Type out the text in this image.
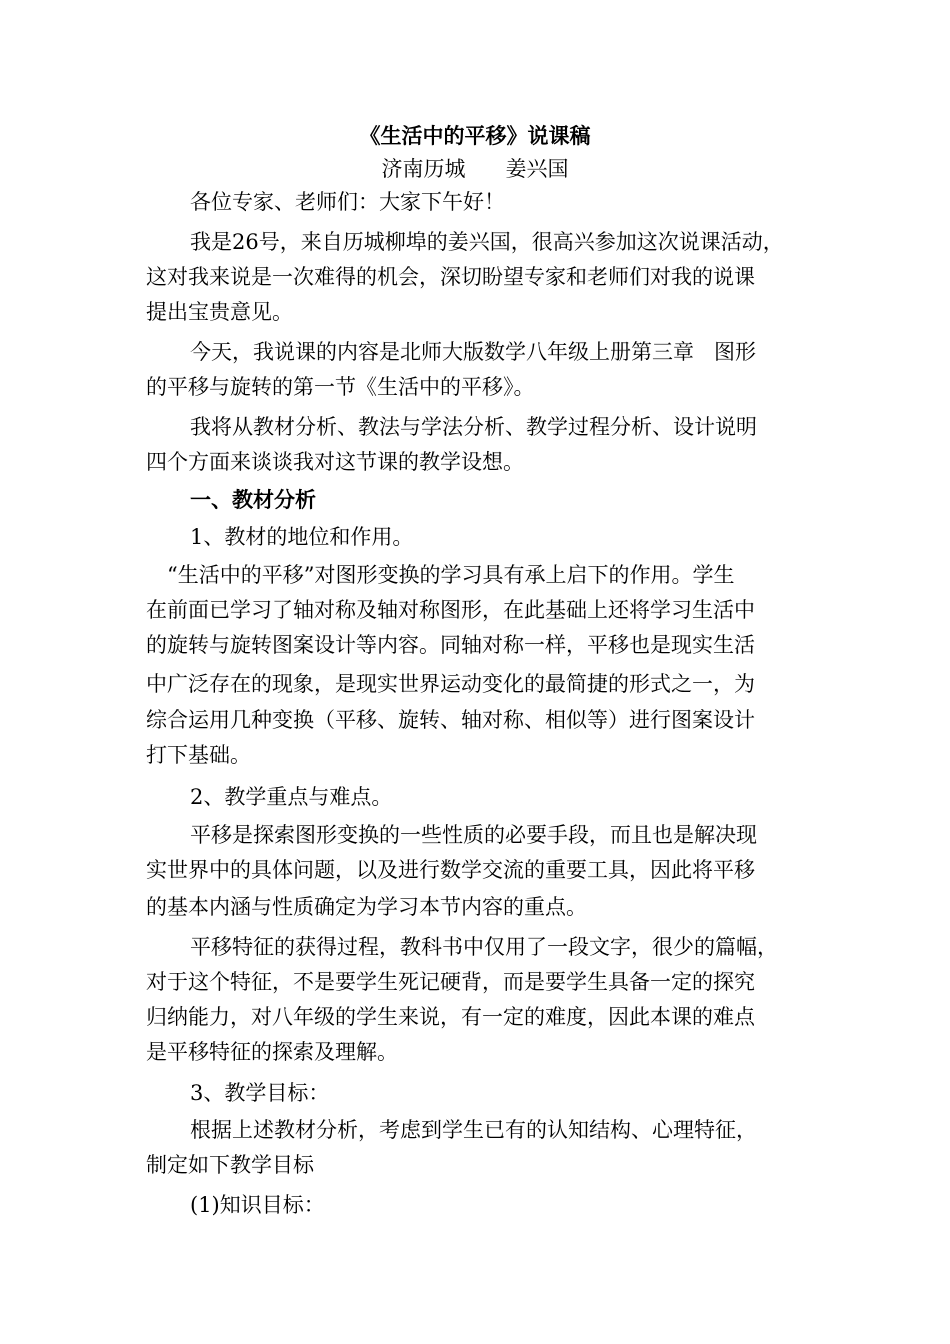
《生活中的平移》说课稿
济南历城      姜兴国
各位专家、老师们：大家下午好！
我是26号，来自历城柳埠的姜兴国，很高兴参加这次说课活动，
这对我来说是一次难得的机会，深切盼望专家和老师们对我的说课
提出宝贵意见。
今天，我说课的内容是北师大版数学八年级上册第三章   图形
的平移与旋转的第一节《生活中的平移》。
我将从教材分析、教法与学法分析、教学过程分析、设计说明
四个方面来谈谈我对这节课的教学设想。
一、教材分析
1、教材的地位和作用。
“生活中的平移”对图形变换的学习具有承上启下的作用。学生
在前面已学习了轴对称及轴对称图形，在此基础上还将学习生活中
的旋转与旋转图案设计等内容。同轴对称一样，平移也是现实生活
中广泛存在的现象，是现实世界运动变化的最简捷的形式之一，为
综合运用几种变换（平移、旋转、轴对称、相似等）进行图案设计
打下基础。
2、教学重点与难点。
平移是探索图形变换的一些性质的必要手段，而且也是解决现
实世界中的具体问题，以及进行数学交流的重要工具，因此将平移
的基本内涵与性质确定为学习本节内容的重点。
平移特征的获得过程，教科书中仅用了一段文字，很少的篇幅，
对于这个特征，不是要学生死记硬背，而是要学生具备一定的探究
归纳能力，对八年级的学生来说，有一定的难度，因此本课的难点
是平移特征的探索及理解。
3、教学目标：
根据上述教材分析，考虑到学生已有的认知结构、心理特征，
制定如下教学目标
(1)知识目标：
